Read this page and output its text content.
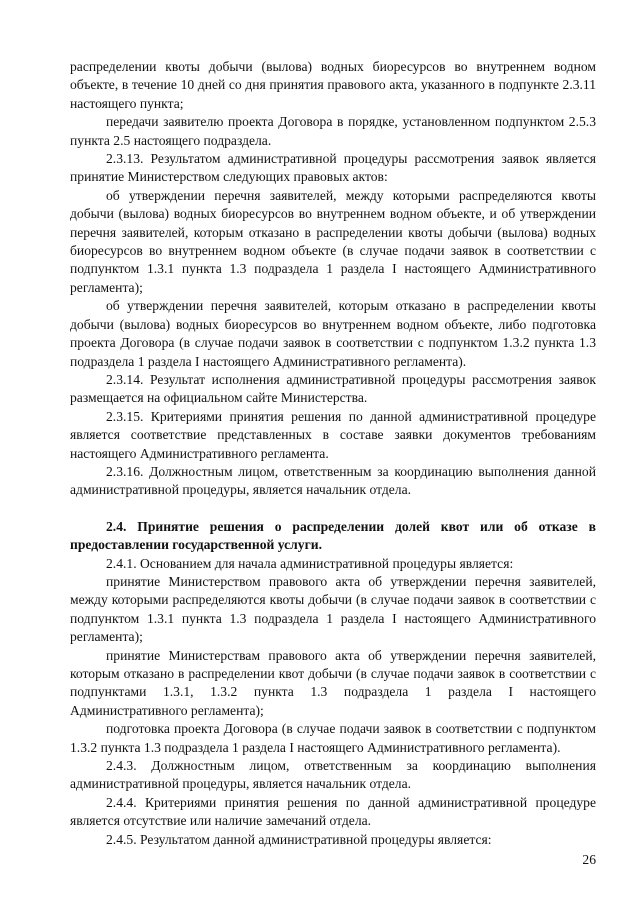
распределении квоты добычи (вылова) водных биоресурсов во внутреннем водном объекте, в течение 10 дней со дня принятия правового акта, указанного в подпункте 2.3.11 настоящего пункта;

передачи заявителю проекта Договора в порядке, установленном подпунктом 2.5.3 пункта 2.5 настоящего подраздела.

2.3.13. Результатом административной процедуры рассмотрения заявок является принятие Министерством следующих правовых актов:

об утверждении перечня заявителей, между которыми распределяются квоты добычи (вылова) водных биоресурсов во внутреннем водном объекте, и об утверждении перечня заявителей, которым отказано в распределении квоты добычи (вылова) водных биоресурсов во внутреннем водном объекте (в случае подачи заявок в соответствии с подпунктом 1.3.1 пункта 1.3 подраздела 1 раздела I настоящего Административного регламента);

об утверждении перечня заявителей, которым отказано в распределении квоты добычи (вылова) водных биоресурсов во внутреннем водном объекте, либо подготовка проекта Договора (в случае подачи заявок в соответствии с подпунктом 1.3.2 пункта 1.3 подраздела 1 раздела I настоящего Административного регламента).

2.3.14. Результат исполнения административной процедуры рассмотрения заявок размещается на официальном сайте Министерства.

2.3.15. Критериями принятия решения по данной административной процедуре является соответствие представленных в составе заявки документов требованиям настоящего Административного регламента.

2.3.16. Должностным лицом, ответственным за координацию выполнения данной административной процедуры, является начальник отдела.

2.4. Принятие решения о распределении долей квот или об отказе в предоставлении государственной услуги.

2.4.1. Основанием для начала административной процедуры является:

принятие Министерством правового акта об утверждении перечня заявителей, между которыми распределяются квоты добычи (в случае подачи заявок в соответствии с подпунктом 1.3.1 пункта 1.3 подраздела 1 раздела I настоящего Административного регламента);

принятие Министерствам правового акта об утверждении перечня заявителей, которым отказано в распределении квот добычи (в случае подачи заявок в соответствии с подпунктами 1.3.1, 1.3.2 пункта 1.3 подраздела 1 раздела I настоящего Административного регламента);

подготовка проекта Договора (в случае подачи заявок в соответствии с подпунктом 1.3.2 пункта 1.3 подраздела 1 раздела I настоящего Административного регламента).

2.4.3. Должностным лицом, ответственным за координацию выполнения административной процедуры, является начальник отдела.

2.4.4. Критериями принятия решения по данной административной процедуре является отсутствие или наличие замечаний отдела.

2.4.5. Результатом данной административной процедуры является:

26
